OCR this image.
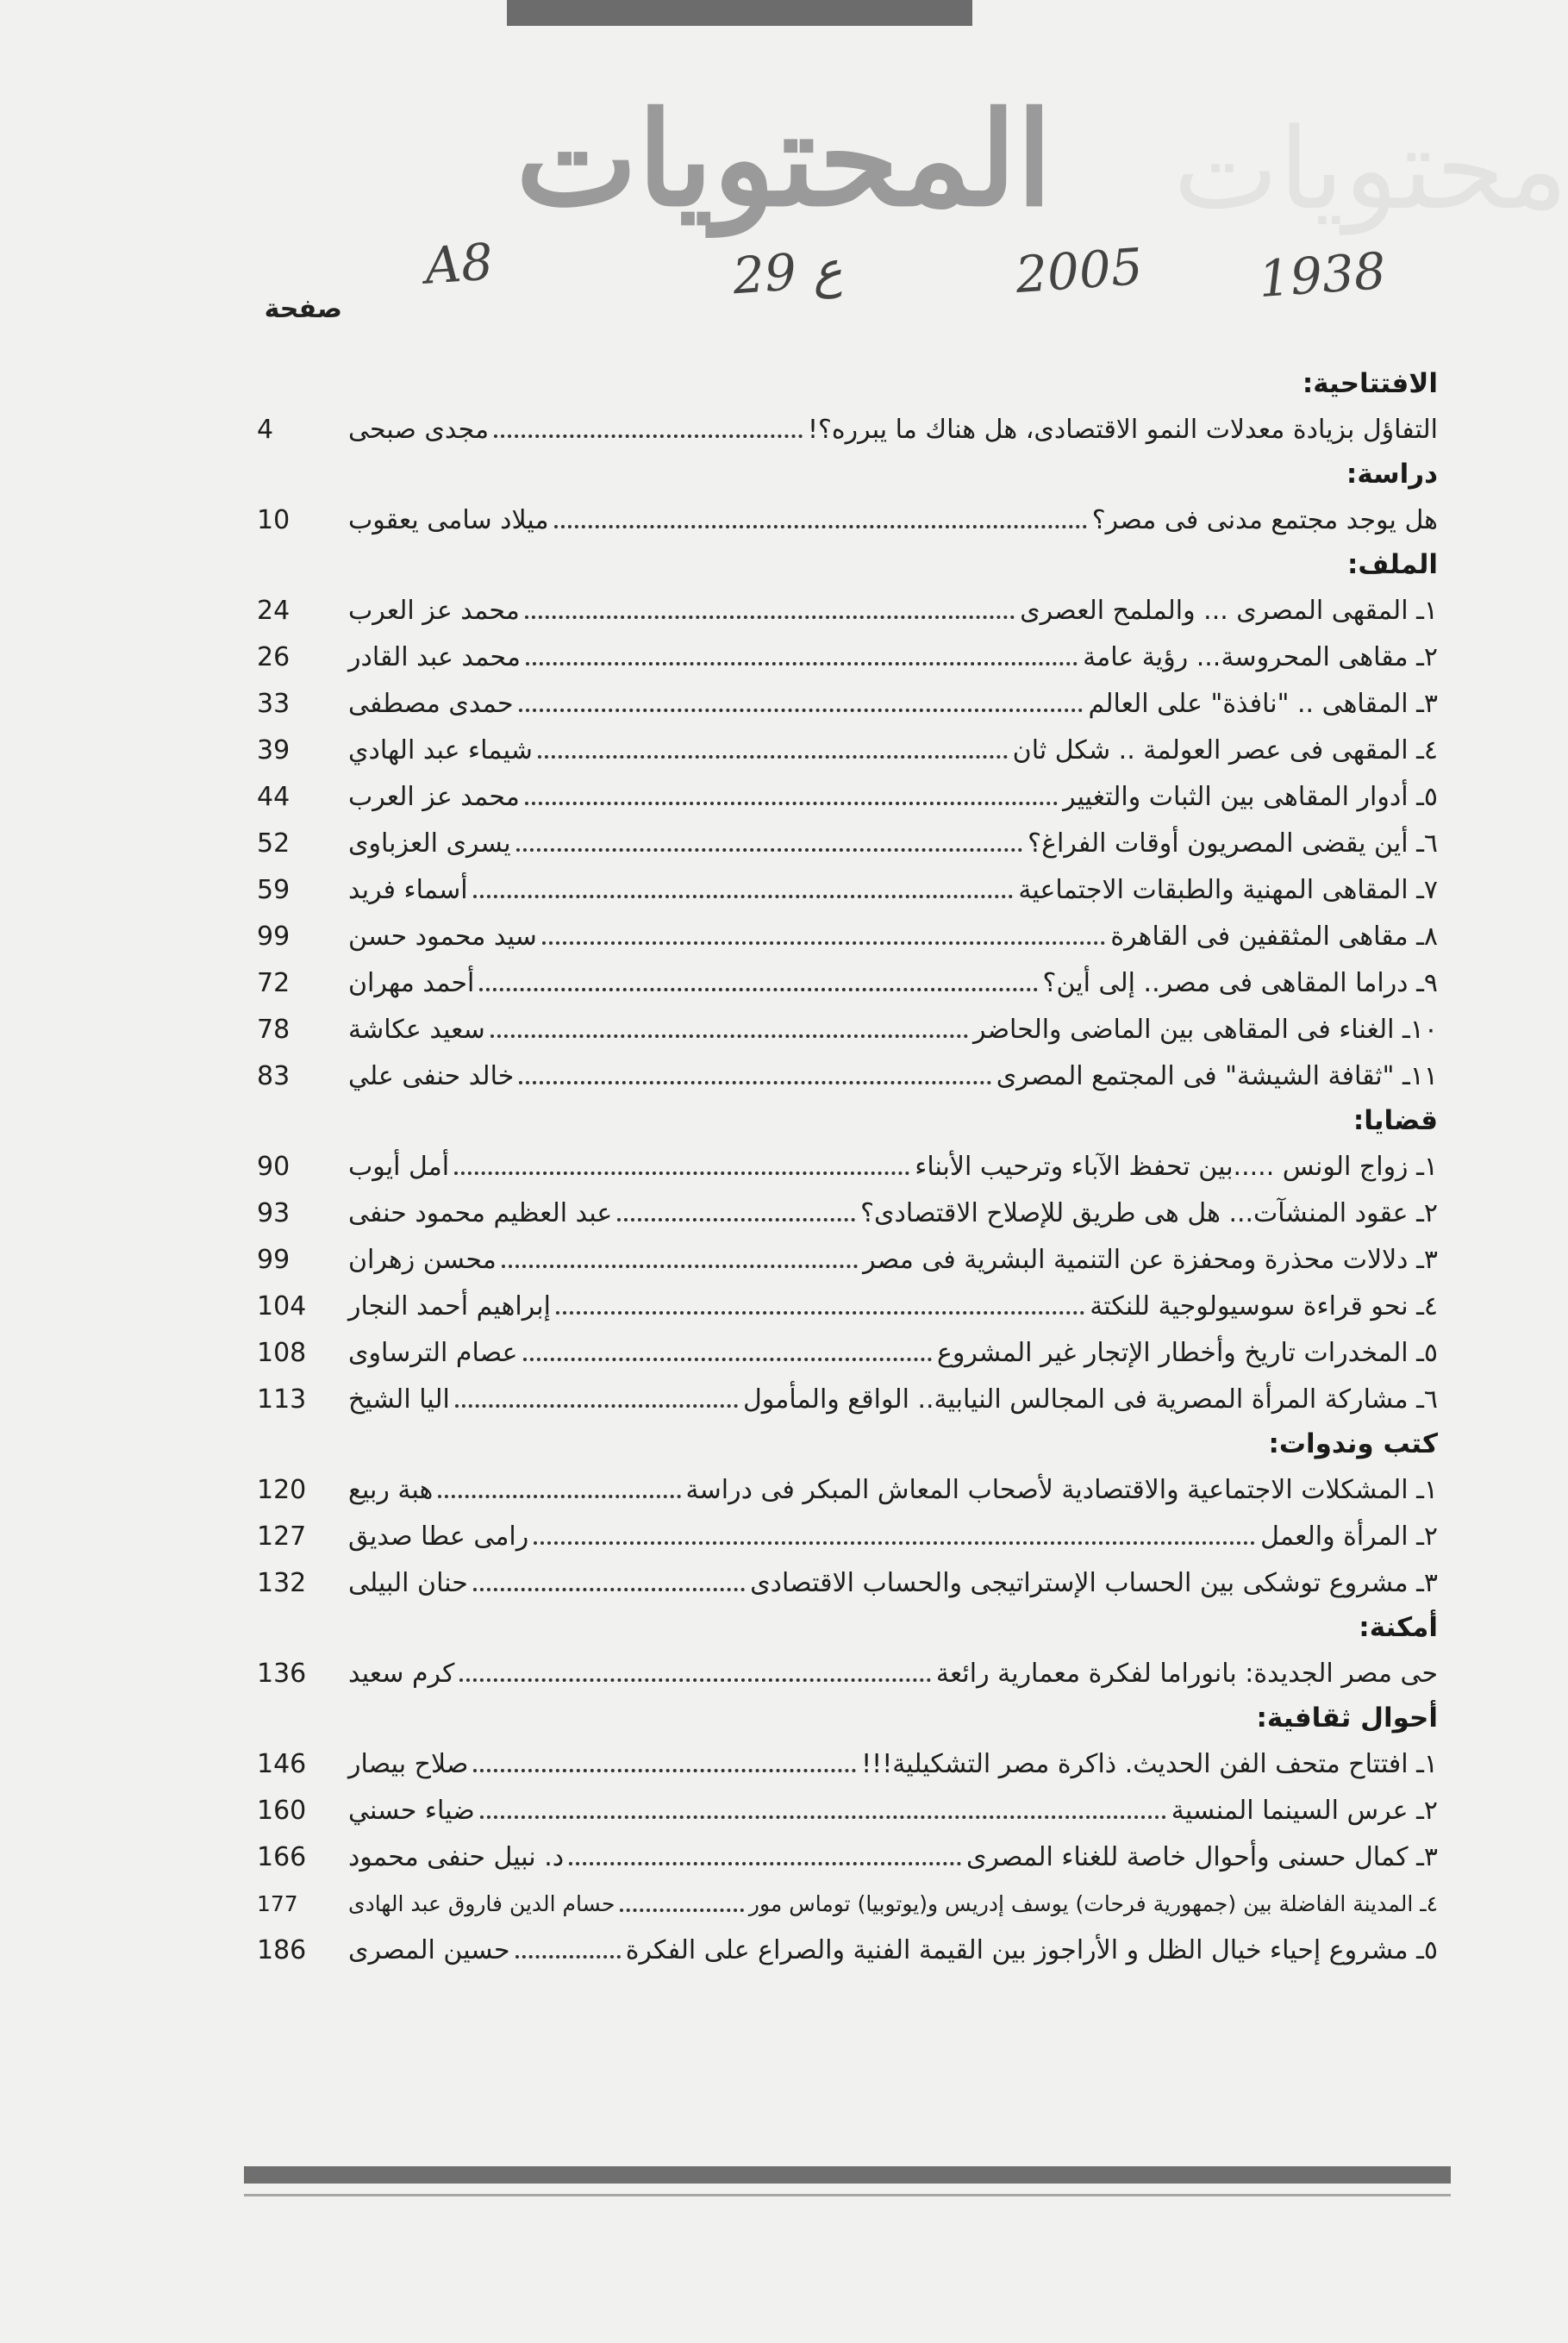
محتويات
المحتويات
1938
2005
ع 29
A8
صفحة
الافتتاحية:
التفاؤل بزيادة معدلات النمو الاقتصادى، هل هناك ما يبرره؟!
مجدى صبحى
4
دراسة:
هل يوجد مجتمع مدنى فى مصر؟
ميلاد سامى يعقوب
10
الملف:
١ـ المقهى المصرى ... والملمح العصرى
محمد عز العرب
24
٢ـ مقاهى المحروسة... رؤية عامة
محمد عبد القادر
26
٣ـ المقاهى .. "نافذة" على العالم
حمدى مصطفى
33
٤ـ المقهى فى عصر العولمة .. شكل ثان
شيماء عبد الهادي
39
٥ـ أدوار المقاهى بين الثبات والتغيير
محمد عز العرب
44
٦ـ أين يقضى المصريون أوقات الفراغ؟
يسرى العزباوى
52
٧ـ المقاهى المهنية والطبقات الاجتماعية
أسماء فريد
59
٨ـ مقاهى المثقفين فى القاهرة
سيد محمود حسن
99
٩ـ دراما المقاهى فى مصر.. إلى أين؟
أحمد مهران
72
١٠ـ الغناء فى المقاهى بين الماضى والحاضر
سعيد عكاشة
78
١١ـ "ثقافة الشيشة" فى المجتمع المصرى
خالد حنفى علي
83
قضايا:
١ـ زواج الونس .....بين تحفظ الآباء وترحيب الأبناء
أمل أيوب
90
٢ـ عقود المنشآت... هل هى طريق للإصلاح الاقتصادى؟
عبد العظيم محمود حنفى
93
٣ـ دلالات محذرة ومحفزة عن التنمية البشرية فى مصر
محسن زهران
99
٤ـ نحو قراءة سوسيولوجية للنكتة
إبراهيم أحمد النجار
104
٥ـ المخدرات تاريخ وأخطار الإتجار غير المشروع
عصام الترساوى
108
٦ـ مشاركة المرأة المصرية فى المجالس النيابية.. الواقع والمأمول
اليا الشيخ
113
كتب وندوات:
١ـ المشكلات الاجتماعية والاقتصادية لأصحاب المعاش المبكر فى دراسة
هبة ربيع
120
٢ـ المرأة والعمل
رامى عطا صديق
127
٣ـ مشروع توشكى بين الحساب الإستراتيجى والحساب الاقتصادى
حنان البيلى
132
أمكنة:
حى مصر الجديدة: بانوراما لفكرة معمارية رائعة
كرم سعيد
136
أحوال ثقافية:
١ـ افتتاح متحف الفن الحديث. ذاكرة مصر التشكيلية!!!
صلاح بيصار
146
٢ـ عرس السينما المنسية
ضياء حسني
160
٣ـ كمال حسنى وأحوال خاصة للغناء المصرى
د. نبيل حنفى محمود
166
٤ـ المدينة الفاضلة بين (جمهورية فرحات) يوسف إدريس و(يوتوبيا) توماس مور
حسام الدين فاروق عبد الهادى
177
٥ـ مشروع إحياء خيال الظل و الأراجوز بين القيمة الفنية والصراع على الفكرة
حسين المصرى
186
